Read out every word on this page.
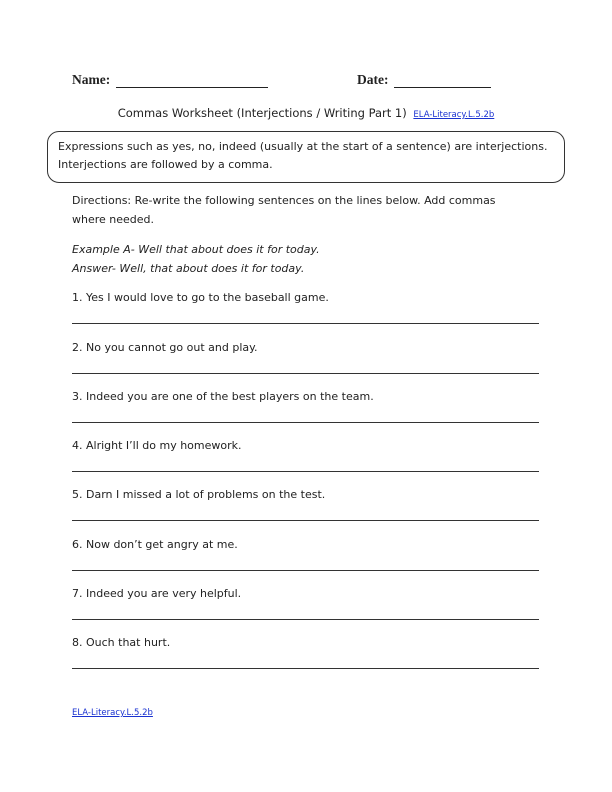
Name:	Date:
Commas Worksheet (Interjections / Writing Part 1) ELA-Literacy.L.5.2b
Expressions such as yes, no, indeed (usually at the start of a sentence) are interjections. Interjections are followed by a comma.
Directions: Re-write the following sentences on the lines below. Add commas where needed.
Example A- Well that about does it for today.
Answer- Well, that about does it for today.
1. Yes I would love to go to the baseball game.
2. No you cannot go out and play.
3. Indeed you are one of the best players on the team.
4. Alright I’ll do my homework.
5. Darn I missed a lot of problems on the test.
6. Now don’t get angry at me.
7. Indeed you are very helpful.
8. Ouch that hurt.
ELA-Literacy.L.5.2b
